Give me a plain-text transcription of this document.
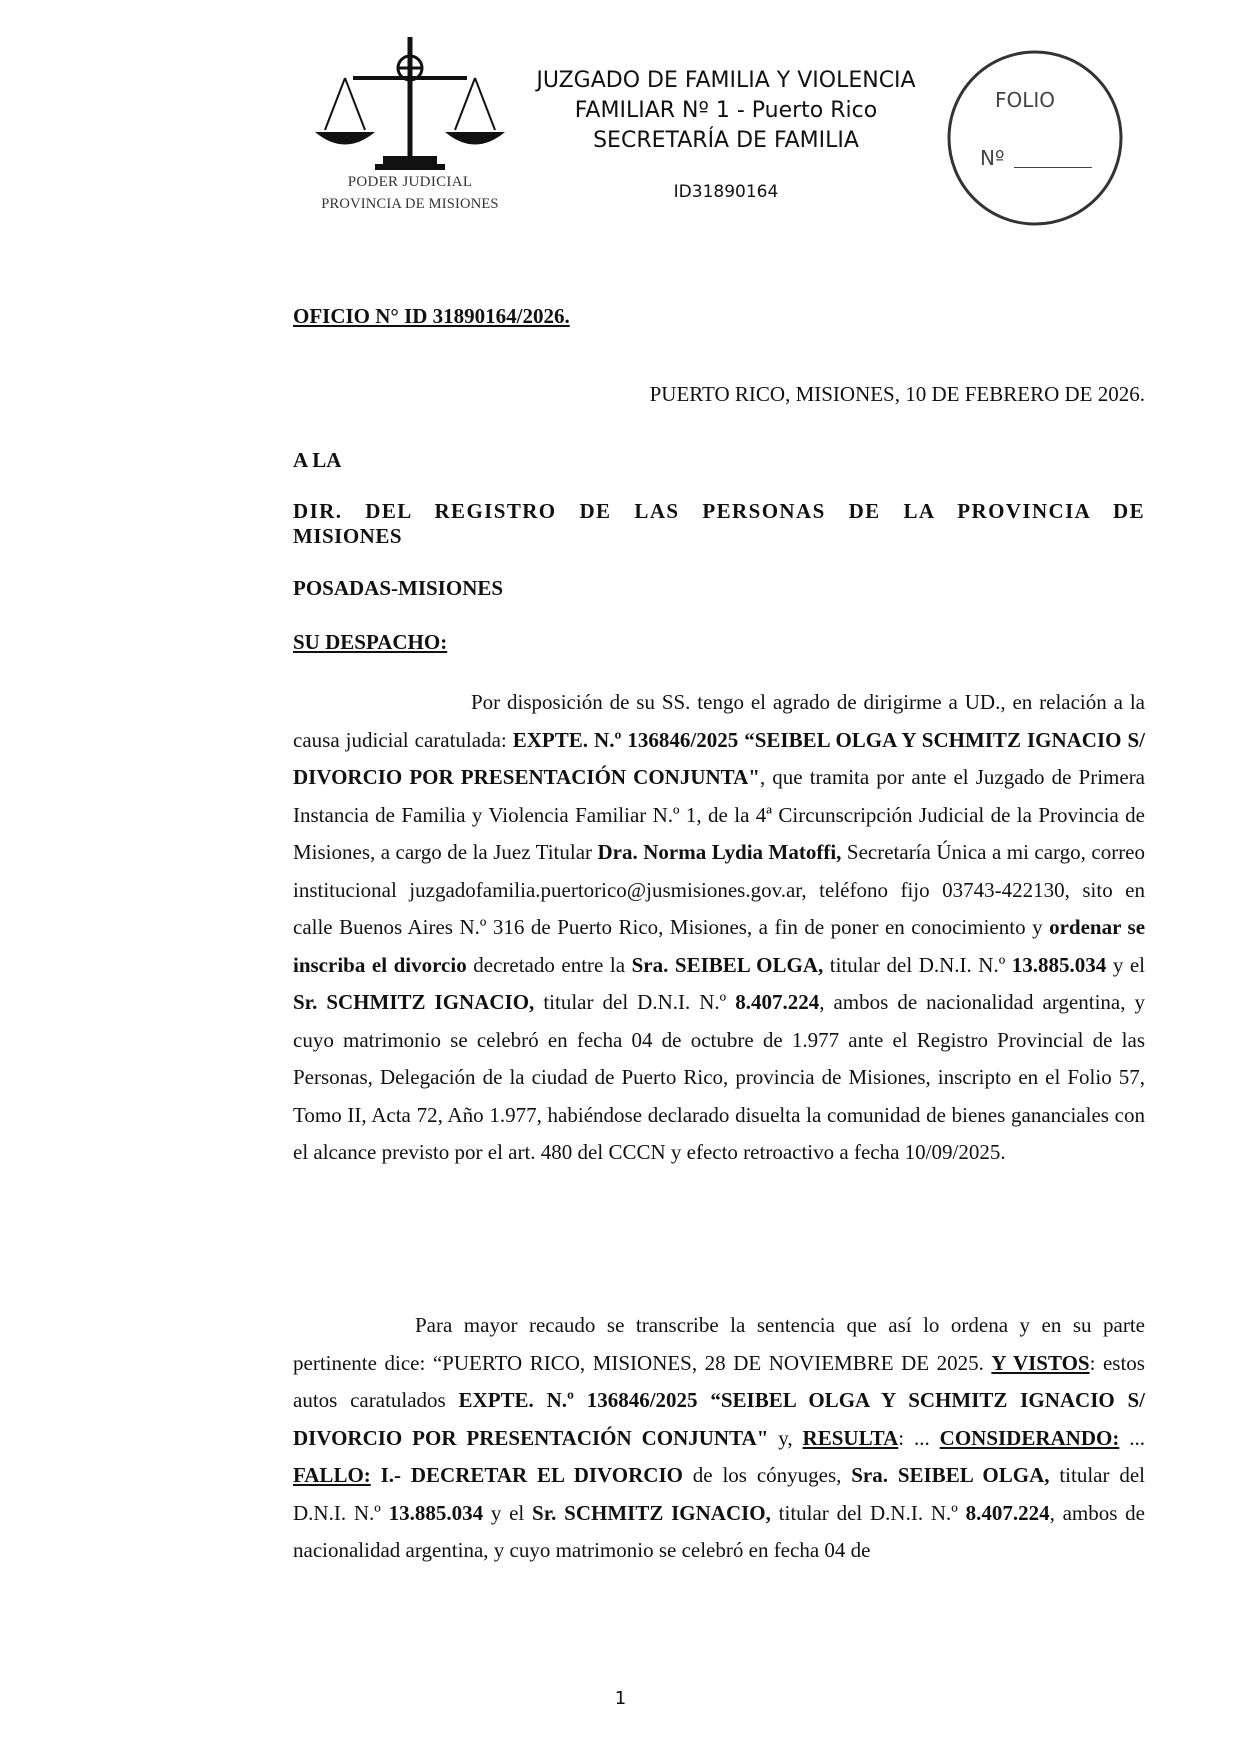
PODER JUDICIAL
PROVINCIA DE MISIONES
JUZGADO DE FAMILIA Y VIOLENCIA
FAMILIAR Nº 1 - Puerto Rico
SECRETARÍA DE FAMILIA
ID31890164
FOLIO
Nº
OFICIO N° ID 31890164/2026.
PUERTO RICO, MISIONES, 10 DE FEBRERO DE 2026.
A LA
DIR. DEL REGISTRO DE LAS PERSONAS DE LA PROVINCIA DE
MISIONES
POSADAS-MISIONES
SU DESPACHO:
Por disposición de su SS. tengo el agrado de dirigirme a UD., en relación a la causa judicial caratulada: EXPTE. N.º 136846/2025 “SEIBEL OLGA Y SCHMITZ IGNACIO S/ DIVORCIO POR PRESENTACIÓN CONJUNTA", que tramita por ante el Juzgado de Primera Instancia de Familia y Violencia Familiar N.º 1, de la 4ª Circunscripción Judicial de la Provincia de Misiones, a cargo de la Juez Titular Dra. Norma Lydia Matoffi, Secretaría Única a mi cargo, correo institucional juzgadofamilia.puertorico@jusmisiones.gov.ar, teléfono fijo 03743-422130, sito en calle Buenos Aires N.º 316 de Puerto Rico, Misiones, a fin de poner en conocimiento y ordenar se inscriba el divorcio decretado entre la Sra. SEIBEL OLGA, titular del D.N.I. N.º 13.885.034 y el Sr. SCHMITZ IGNACIO, titular del D.N.I. N.º 8.407.224, ambos de nacionalidad argentina, y cuyo matrimonio se celebró en fecha 04 de octubre de 1.977 ante el Registro Provincial de las Personas, Delegación de la ciudad de Puerto Rico, provincia de Misiones, inscripto en el Folio 57, Tomo II, Acta 72, Año 1.977, habiéndose declarado disuelta la comunidad de bienes gananciales con el alcance previsto por el art. 480 del CCCN y efecto retroactivo a fecha 10/09/2025.
Para mayor recaudo se transcribe la sentencia que así lo ordena y en su parte pertinente dice: “PUERTO RICO, MISIONES, 28 DE NOVIEMBRE DE 2025. Y VISTOS: estos autos caratulados EXPTE. N.º 136846/2025 “SEIBEL OLGA Y SCHMITZ IGNACIO S/ DIVORCIO POR PRESENTACIÓN CONJUNTA" y, RESULTA: ... CONSIDERANDO: ... FALLO: I.- DECRETAR EL DIVORCIO de los cónyuges, Sra. SEIBEL OLGA, titular del D.N.I. N.º 13.885.034 y el Sr. SCHMITZ IGNACIO, titular del D.N.I. N.º 8.407.224, ambos de nacionalidad argentina, y cuyo matrimonio se celebró en fecha 04 de
1
